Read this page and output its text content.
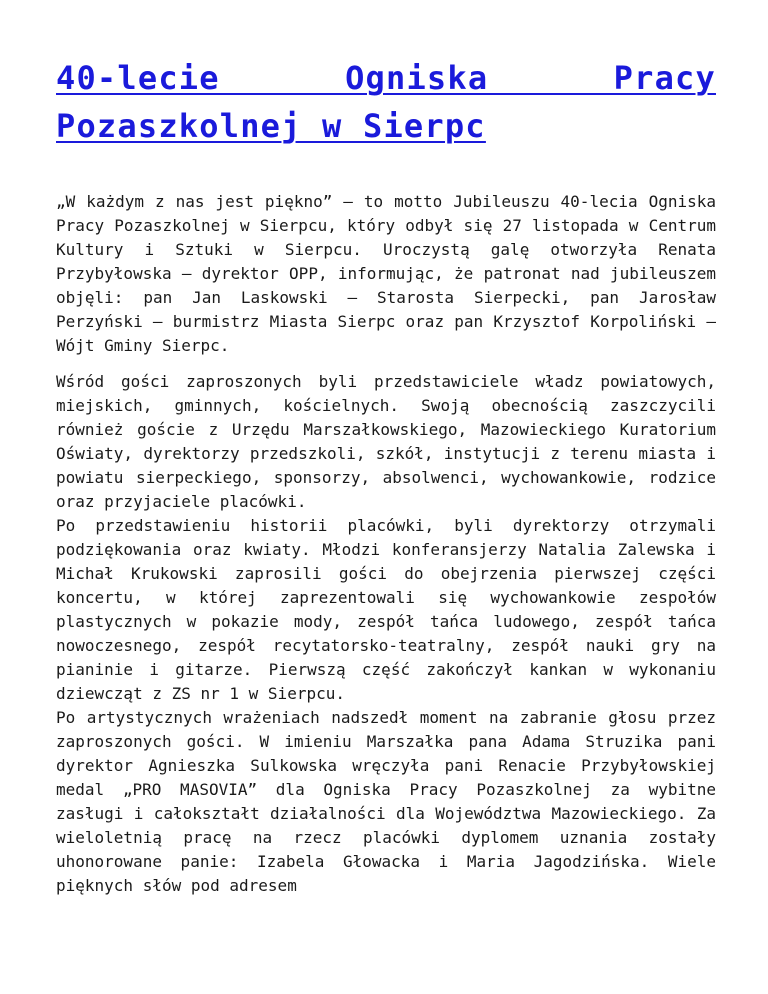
40-lecie Ogniska Pracy Pozaszkolnej w Sierpc

„W każdym z nas jest piękno” – to motto Jubileuszu 40-lecia Ogniska Pracy Pozaszkolnej w Sierpcu, który odbył się 27 listopada w Centrum Kultury i Sztuki w Sierpcu. Uroczystą galę otworzyła Renata Przybyłowska – dyrektor OPP, informując, że patronat nad jubileuszem objęli: pan Jan Laskowski – Starosta Sierpecki, pan Jarosław Perzyński – burmistrz Miasta Sierpc oraz pan Krzysztof Korpoliński – Wójt Gminy Sierpc.

Wśród gości zaproszonych byli przedstawiciele władz powiatowych, miejskich, gminnych, kościelnych. Swoją obecnością zaszczycili również goście z Urzędu Marszałkowskiego, Mazowieckiego Kuratorium Oświaty, dyrektorzy przedszkoli, szkół, instytucji z terenu miasta i powiatu sierpeckiego, sponsorzy, absolwenci, wychowankowie, rodzice oraz przyjaciele placówki.

Po przedstawieniu historii placówki, byli dyrektorzy otrzymali podziękowania oraz kwiaty. Młodzi konferansjerzy Natalia Zalewska i Michał Krukowski zaprosili gości do obejrzenia pierwszej części koncertu, w której zaprezentowali się wychowankowie zespołów plastycznych w pokazie mody, zespół tańca ludowego, zespół tańca nowoczesnego, zespół recytatorsko-teatralny, zespół nauki gry na pianinie i gitarze. Pierwszą część zakończył kankan w wykonaniu dziewcząt z ZS nr 1 w Sierpcu.

Po artystycznych wrażeniach nadszedł moment na zabranie głosu przez zaproszonych gości. W imieniu Marszałka pana Adama Struzika pani dyrektor Agnieszka Sulkowska wręczyła pani Renacie Przybyłowskiej medal „PRO MASOVIA” dla Ogniska Pracy Pozaszkolnej za wybitne zasługi i całokształt działalności dla Województwa Mazowieckiego. Za wieloletnią pracę na rzecz placówki dyplomem uznania zostały uhonorowane panie: Izabela Głowacka i Maria Jagodzińska. Wiele pięknych słów pod adresem
